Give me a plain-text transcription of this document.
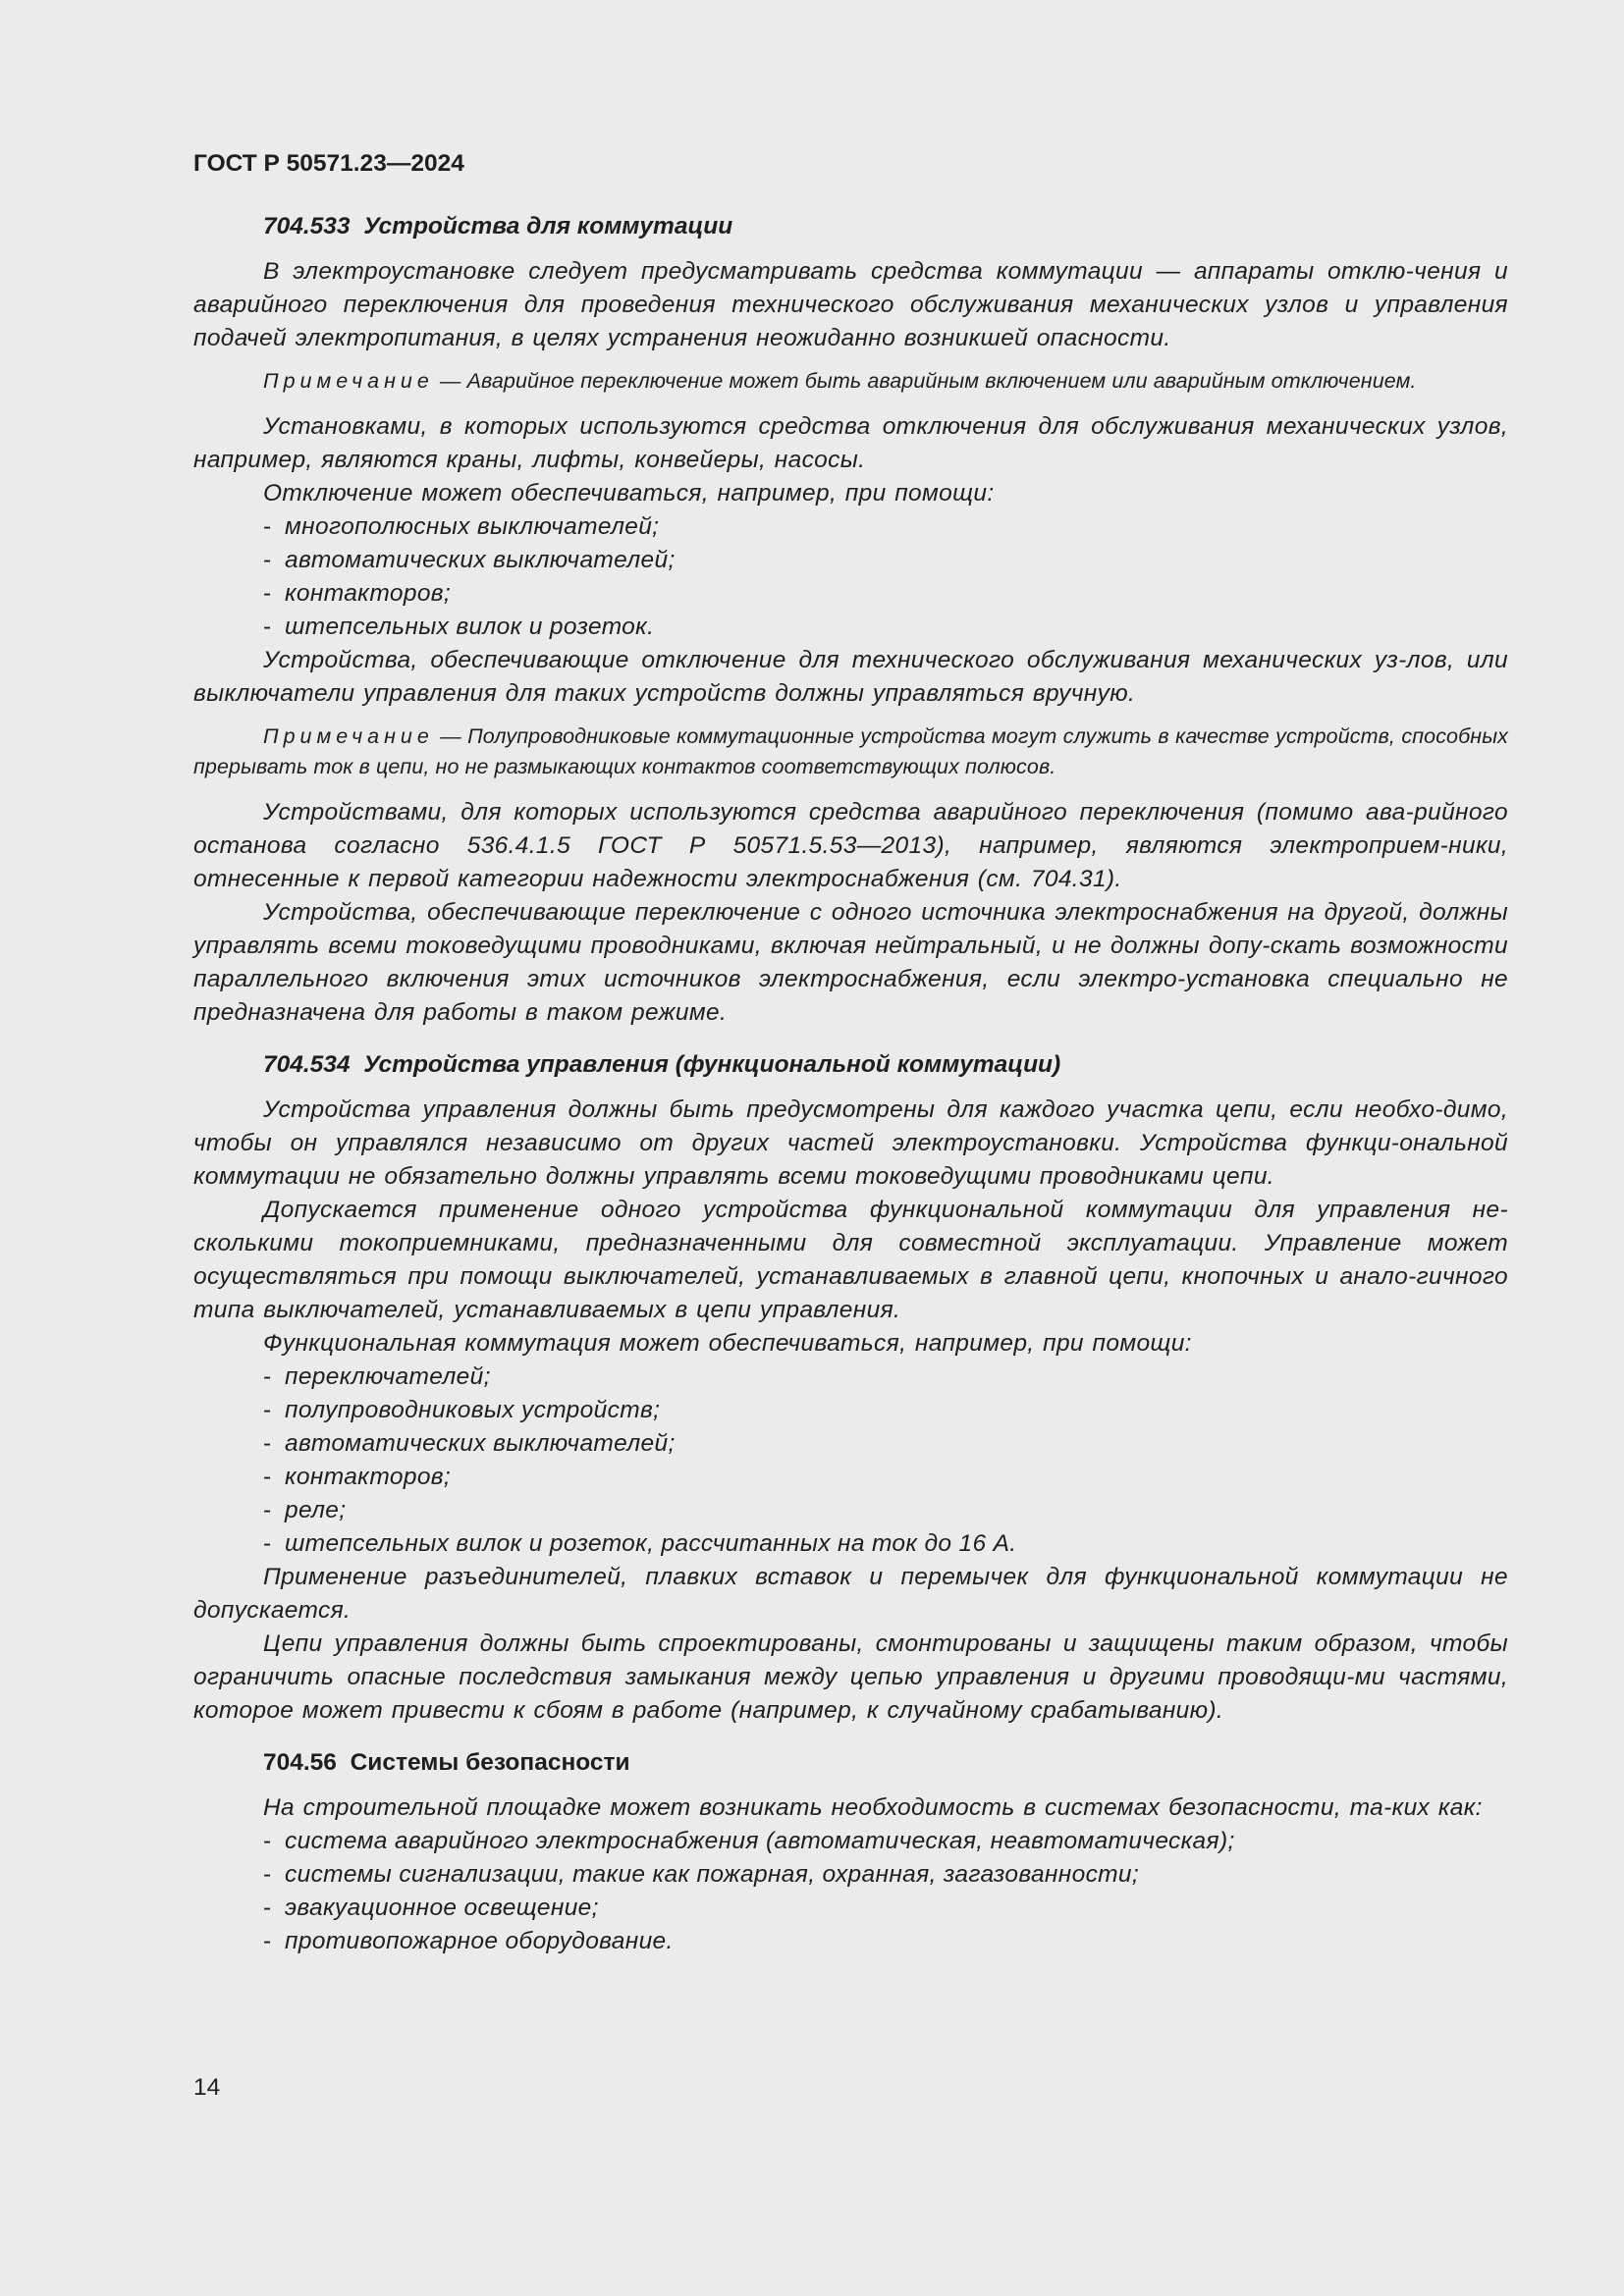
ГОСТ Р 50571.23—2024
704.533 Устройства для коммутации

В электроустановке следует предусматривать средства коммутации — аппараты отклю-чения и аварийного переключения для проведения технического обслуживания механических узлов и управления подачей электропитания, в целях устранения неожиданно возникшей опасности.

Примечание — Аварийное переключение может быть аварийным включением или аварийным отключением.

Установками, в которых используются средства отключения для обслуживания механических узлов, например, являются краны, лифты, конвейеры, насосы.

Отключение может обеспечиваться, например, при помощи:

- многополюсных выключателей;

- автоматических выключателей;

- контакторов;

- штепсельных вилок и розеток.

Устройства, обеспечивающие отключение для технического обслуживания механических уз-лов, или выключатели управления для таких устройств должны управляться вручную.

Примечание — Полупроводниковые коммутационные устройства могут служить в качестве устройств, способных прерывать ток в цепи, но не размыкающих контактов соответствующих полюсов.

Устройствами, для которых используются средства аварийного переключения (помимо ава-рийного останова согласно 536.4.1.5 ГОСТ Р 50571.5.53—2013), например, являются электроприем-ники, отнесенные к первой категории надежности электроснабжения (см. 704.31).

Устройства, обеспечивающие переключение с одного источника электроснабжения на другой, должны управлять всеми токоведущими проводниками, включая нейтральный, и не должны допу-скать возможности параллельного включения этих источников электроснабжения, если электро-установка специально не предназначена для работы в таком режиме.

704.534 Устройства управления (функциональной коммутации)

Устройства управления должны быть предусмотрены для каждого участка цепи, если необхо-димо, чтобы он управлялся независимо от других частей электроустановки. Устройства функци-ональной коммутации не обязательно должны управлять всеми токоведущими проводниками цепи.

Допускается применение одного устройства функциональной коммутации для управления не-сколькими токоприемниками, предназначенными для совместной эксплуатации. Управление может осуществляться при помощи выключателей, устанавливаемых в главной цепи, кнопочных и анало-гичного типа выключателей, устанавливаемых в цепи управления.

Функциональная коммутация может обеспечиваться, например, при помощи:

- переключателей;

- полупроводниковых устройств;

- автоматических выключателей;

- контакторов;

- реле;

- штепсельных вилок и розеток, рассчитанных на ток до 16 А.

Применение разъединителей, плавких вставок и перемычек для функциональной коммутации не допускается.

Цепи управления должны быть спроектированы, смонтированы и защищены таким образом, чтобы ограничить опасные последствия замыкания между цепью управления и другими проводящи-ми частями, которое может привести к сбоям в работе (например, к случайному срабатыванию).

704.56 Системы безопасности

На строительной площадке может возникать необходимость в системах безопасности, та-ких как:

- система аварийного электроснабжения (автоматическая, неавтоматическая);

- системы сигнализации, такие как пожарная, охранная, загазованности;

- эвакуационное освещение;

- противопожарное оборудование.

14
